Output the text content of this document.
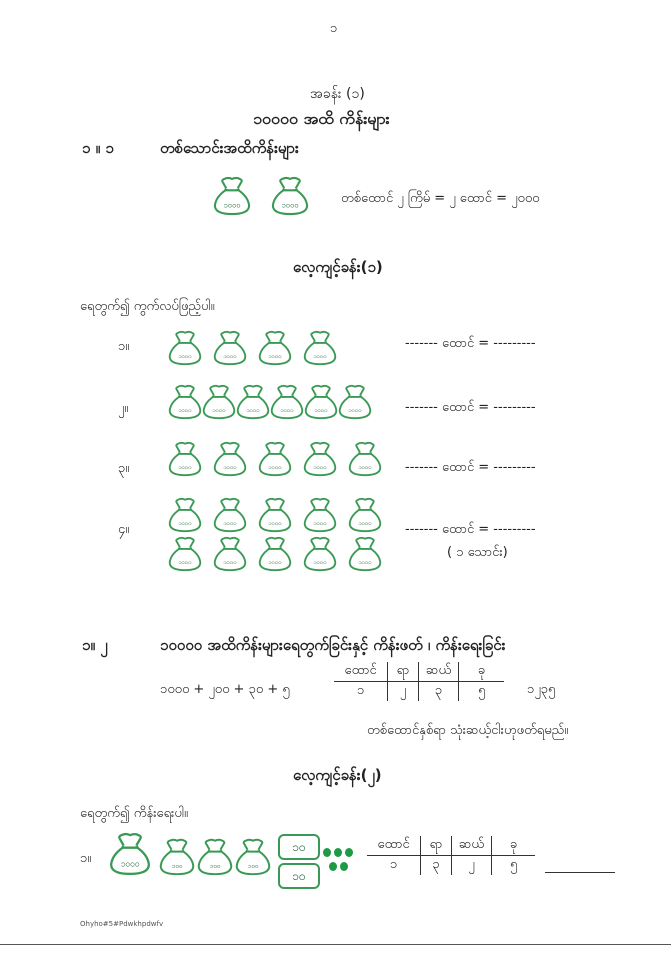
၁
အခန်း (၁)
၁၀၀၀၀ အထိ ကိန်းများ
၁ ။ ၁	တစ်သောင်းအထိကိန်းများ
၁၀၀၀	၁၀၀၀	တစ်ထောင် ၂ ကြိမ် = ၂ ထောင် = ၂၀၀၀
လေ့ကျင့်ခန်း(၁)
ရေတွက်၍ ကွက်လပ်ဖြည့်ပါ။
၁။
၂။
၃။
၄။
၁၀၀၀	၁၀၀၀	၁၀၀၀	၁၀၀၀
၁၀၀၀	၁၀၀၀	၁၀၀၀	၁၀၀၀	၁၀၀၀	၁၀၀၀
၁၀၀၀	၁၀၀၀	၁၀၀၀	၁၀၀၀	၁၀၀၀
၁၀၀၀	၁၀၀၀	၁၀၀၀	၁၀၀၀	၁၀၀၀
၁၀၀၀	၁၀၀၀	၁၀၀၀	၁၀၀၀	၁၀၀၀
------- ထောင် = ---------
------- ထောင် = ---------
------- ထောင် = ---------
------- ထောင် = ---------
( ၁ သောင်း)
၁။ ၂	၁၀၀၀၀ အထိကိန်းများရေတွက်ခြင်းနှင့် ကိန်းဖတ် ၊ ကိန်းရေးခြင်း
၁၀၀၀ + ၂၀၀ + ၃၀ + ၅
ထောင်	ရာ	ဆယ်	ခု
၁	၂	၃	၅	၁၂၃၅
တစ်ထောင်နှစ်ရာ သုံးဆယ့်ငါးဟုဖတ်ရမည်။
လေ့ကျင့်ခန်း(၂)
ရေတွက်၍ ကိန်းရေးပါ။
၁။	၁၀၀၀	၁၀၀	၁၀၀	၁၀၀
၁၀
၁၀
ထောင်	ရာ	ဆယ်	ခု
၁	၃	၂	၅
Ohyho#5#Pdwkhpdwfv
